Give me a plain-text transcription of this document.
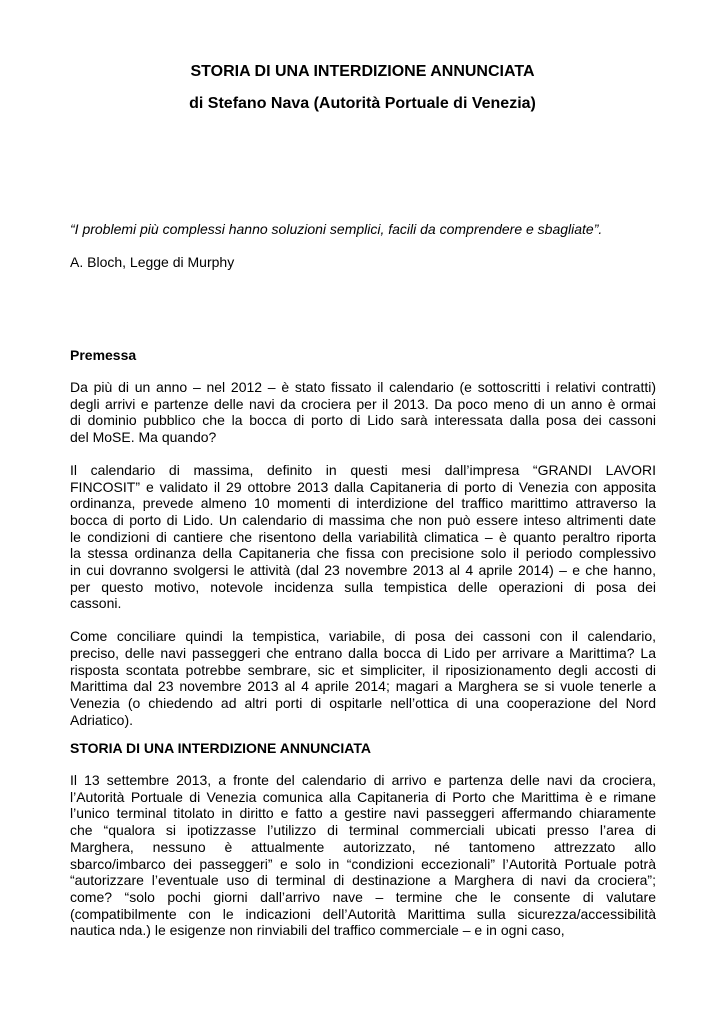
STORIA DI UNA INTERDIZIONE ANNUNCIATA
di Stefano Nava (Autorità Portuale di Venezia)
“I problemi più complessi hanno soluzioni semplici, facili da comprendere e sbagliate”.
A. Bloch, Legge di Murphy
Premessa
Da più di un anno – nel 2012 – è stato fissato il calendario (e sottoscritti i relativi contratti)
degli arrivi e partenze delle navi da crociera per il 2013. Da poco meno di un anno è ormai
di dominio pubblico che la bocca di porto di Lido sarà interessata dalla posa dei cassoni
del MoSE. Ma quando?
Il calendario di massima, definito in questi mesi dall’impresa “GRANDI LAVORI
FINCOSIT” e validato il 29 ottobre 2013 dalla Capitaneria di porto di Venezia con apposita
ordinanza, prevede almeno 10 momenti di interdizione del traffico marittimo attraverso la
bocca di porto di Lido. Un calendario di massima che non può essere inteso altrimenti date
le condizioni di cantiere che risentono della variabilità climatica – è quanto peraltro riporta
la stessa ordinanza della Capitaneria che fissa con precisione solo il periodo complessivo
in cui dovranno svolgersi le attività (dal 23 novembre 2013 al 4 aprile 2014) – e che hanno,
per questo motivo, notevole incidenza sulla tempistica delle operazioni di posa dei
cassoni.
Come conciliare quindi la tempistica, variabile, di posa dei cassoni con il calendario,
preciso, delle navi passeggeri che entrano dalla bocca di Lido per arrivare a Marittima? La
risposta scontata potrebbe sembrare, sic et simpliciter, il riposizionamento degli accosti di
Marittima dal 23 novembre 2013 al 4 aprile 2014; magari a Marghera se si vuole tenerle a
Venezia (o chiedendo ad altri porti di ospitarle nell’ottica di una cooperazione del Nord
Adriatico).
STORIA DI UNA INTERDIZIONE ANNUNCIATA
Il 13 settembre 2013, a fronte del calendario di arrivo e partenza delle navi da crociera,
l’Autorità Portuale di Venezia comunica alla Capitaneria di Porto che Marittima è e rimane
l’unico terminal titolato in diritto e fatto a gestire navi passeggeri affermando chiaramente
che “qualora si ipotizzasse l’utilizzo di terminal commerciali ubicati presso l’area di
Marghera, nessuno è attualmente autorizzato, né tantomeno attrezzato allo
sbarco/imbarco dei passeggeri” e solo in “condizioni eccezionali” l’Autorità Portuale potrà
“autorizzare l’eventuale uso di terminal di destinazione a Marghera di navi da crociera”;
come? “solo pochi giorni dall’arrivo nave – termine che le consente di valutare
(compatibilmente con le indicazioni dell’Autorità Marittima sulla sicurezza/accessibilità
nautica nda.) le esigenze non rinviabili del traffico commerciale – e in ogni caso,
